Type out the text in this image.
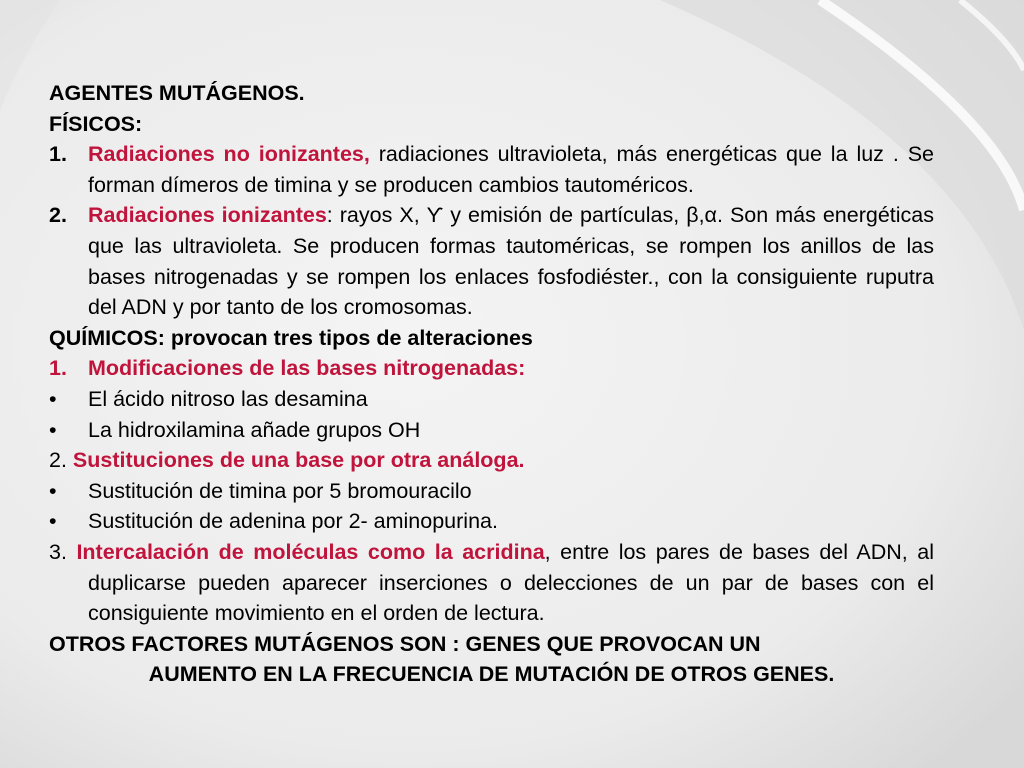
AGENTES MUTÁGENOS.

FÍSICOS:

1. Radiaciones no ionizantes, radiaciones ultravioleta, más energéticas que la luz . Se forman dímeros de timina y se producen cambios tautoméricos.
2. Radiaciones ionizantes: rayos X, Ƴ y emisión de partículas, β,α. Son más energéticas que las ultravioleta. Se producen formas tautoméricas, se rompen los anillos de las bases nitrogenadas y se rompen los enlaces fosfodiéster., con la consiguiente ruputra del ADN y por tanto de los cromosomas.

QUÍMICOS: provocan tres tipos de alteraciones

1. Modificaciones de las bases nitrogenadas:
•	El ácido nitroso las desamina
•	La hidroxilamina añade grupos OH

2. Sustituciones de una base por otra análoga.

•	Sustitución de timina por 5 bromouracilo
•	Sustitución de adenina por 2- aminopurina.

3. Intercalación de moléculas como la acridina, entre los pares de bases del ADN, al duplicarse pueden aparecer inserciones o delecciones de un par de bases con el consiguiente movimiento en el orden de lectura.

OTROS FACTORES MUTÁGENOS SON : GENES QUE PROVOCAN UN
AUMENTO EN LA FRECUENCIA DE MUTACIÓN DE OTROS GENES.
